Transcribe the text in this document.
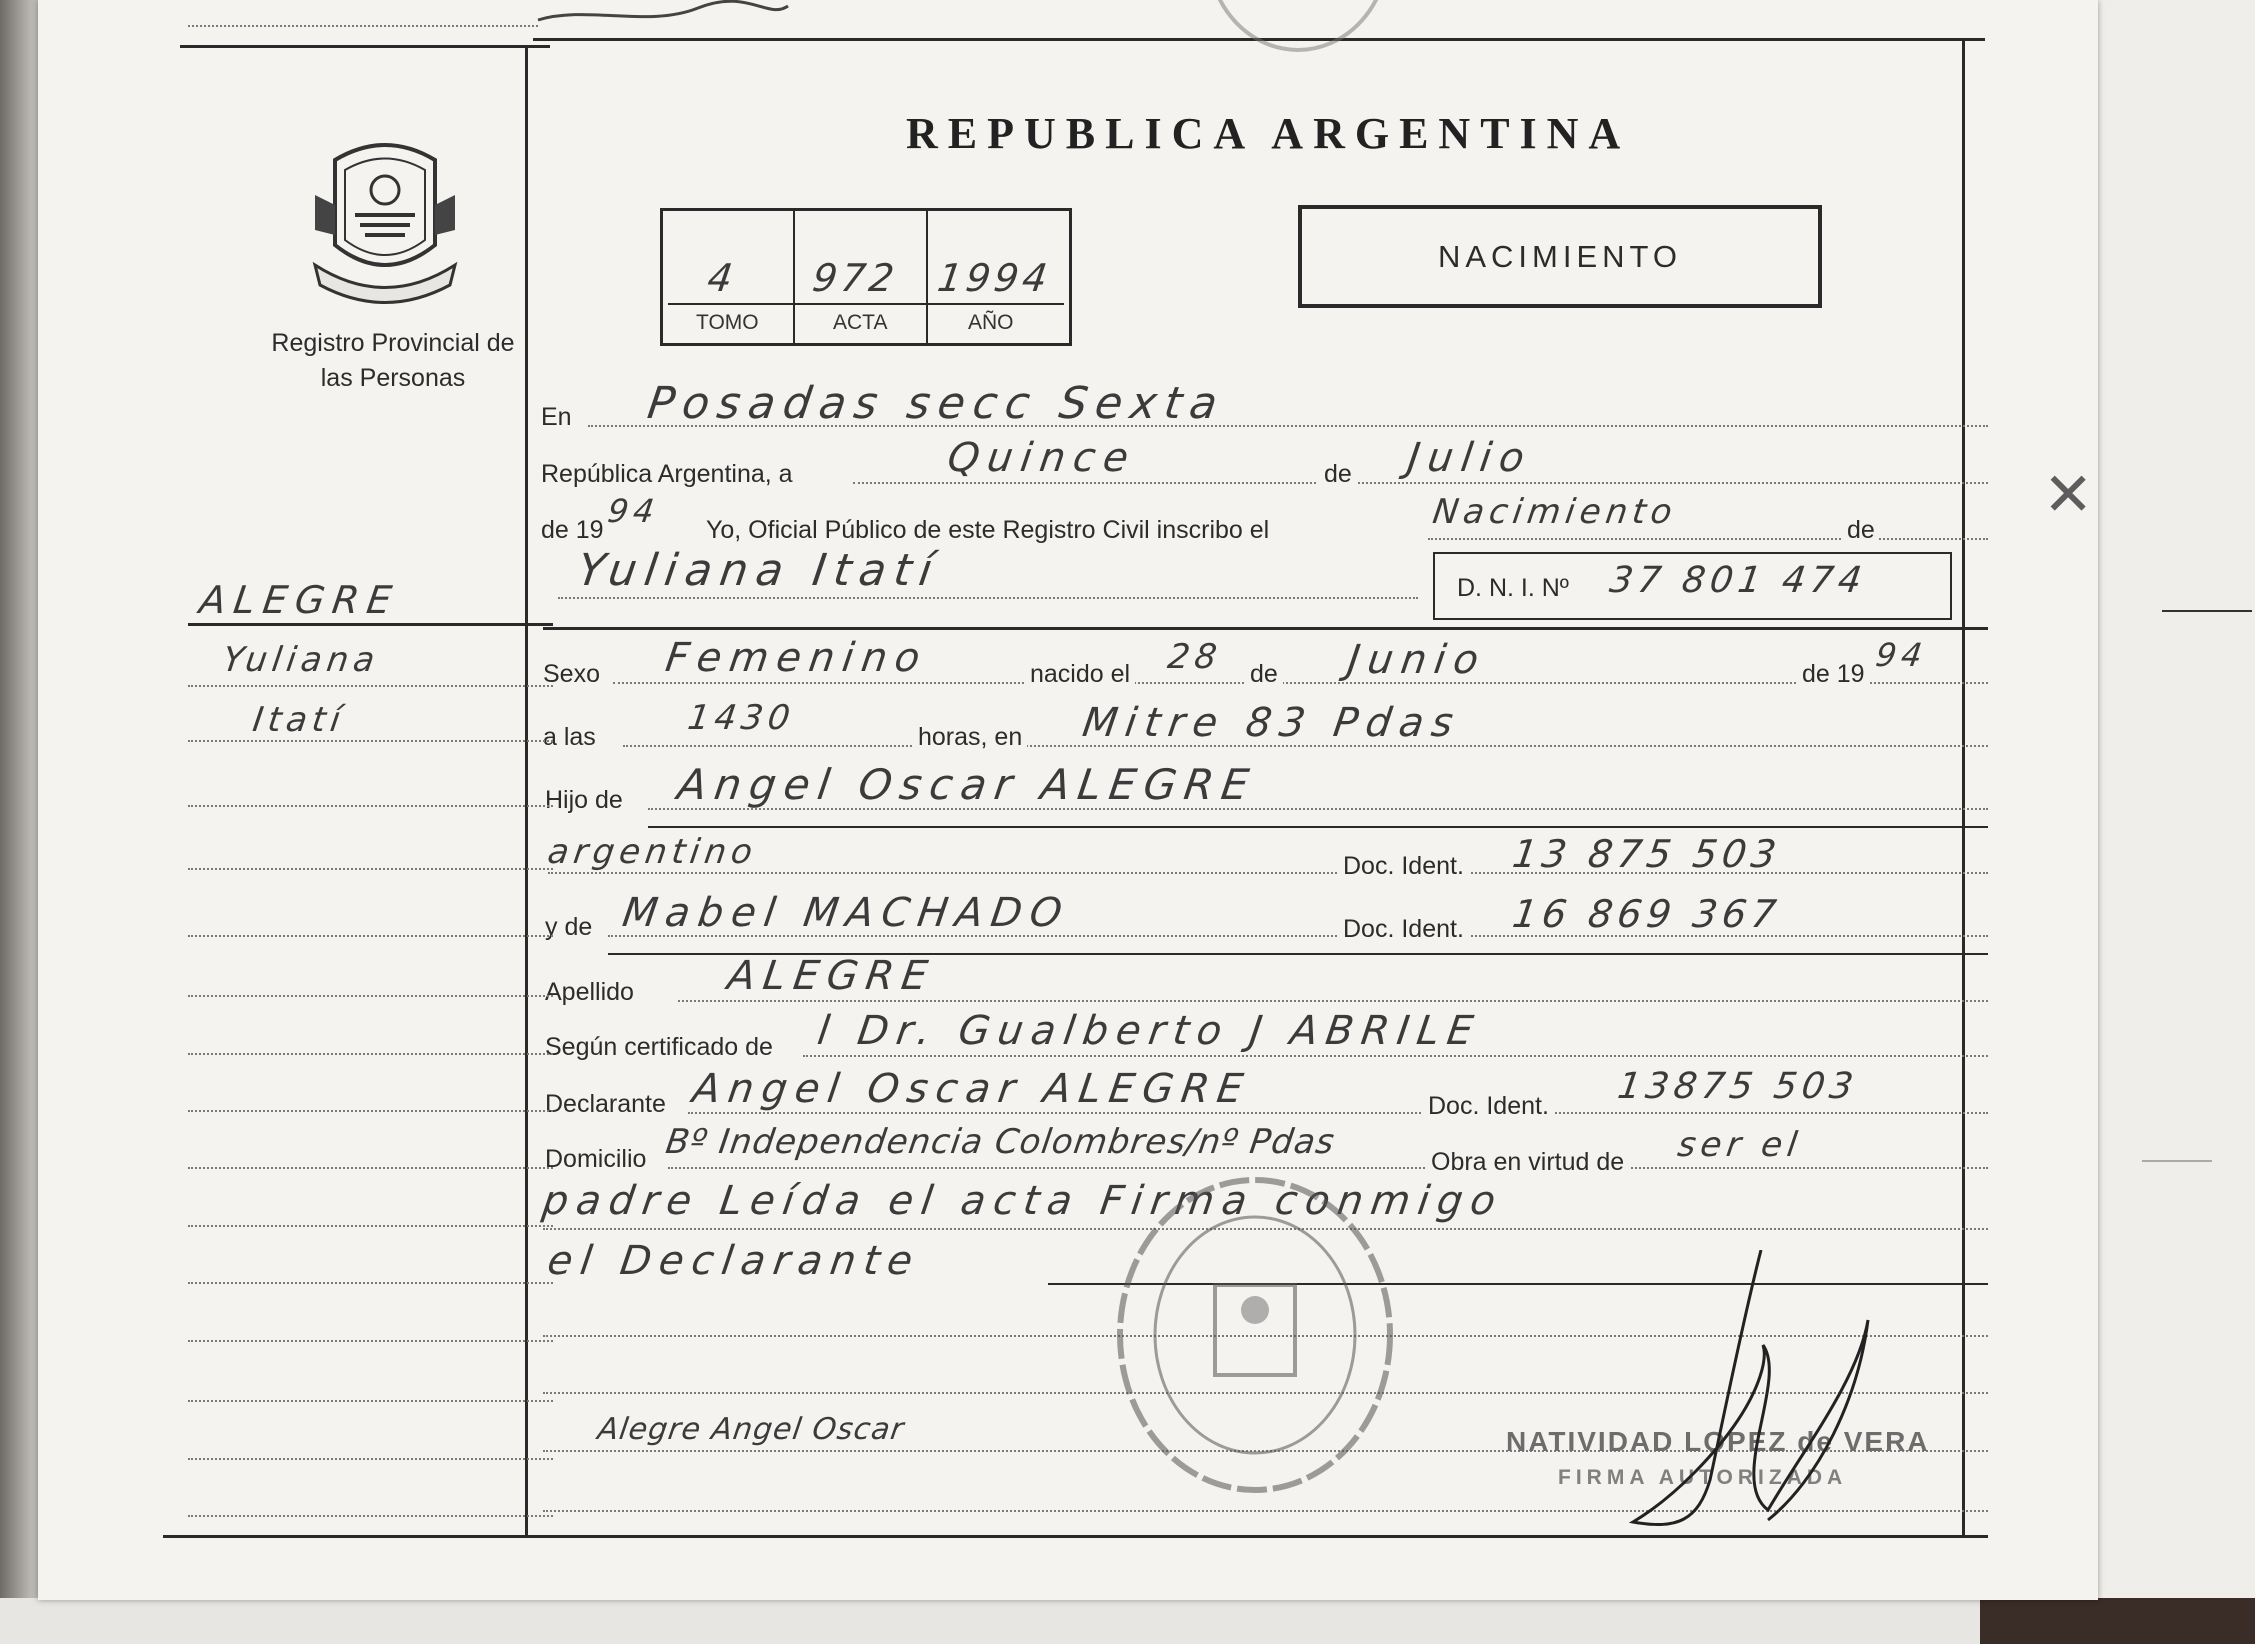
Registro Provincial de las Personas
REPUBLICA ARGENTINA
4 972 1994
TOMO	ACTA	AÑO
NACIMIENTO
En Posadas secc Sexta
República Argentina, a	Quince	de Julio
de 19 94 Yo, Oficial Público de este Registro Civil inscribo el	Nacimiento	de
Yuliana Itatí	D. N. I. Nº 37 801 474
Sexo Femenino	nacido el 28 de Junio	de 19 94
a las	1430	horas, en Mitre 83 Pdas
Hijo de Angel Oscar ALEGRE
argentino	Doc. Ident. 13 875 503
y de Mabel MACHADO	Doc. Ident. 16 869 367
Apellido ALEGRE
Según certificado de l Dr. Gualberto J ABRILE
Declarante Angel Oscar ALEGRE	Doc. Ident. 13875 503
Domicilio Bº Independencia Colombres/nº Pdas	Obra en virtud de ser el
padre Leída el acta Firma conmigo
el Declarante
Alegre Angel Oscar	NATIVIDAD LOPEZ de VERA
FIRMA AUTORIZADA
ALEGRE
Yuliana
Itatí
✕
